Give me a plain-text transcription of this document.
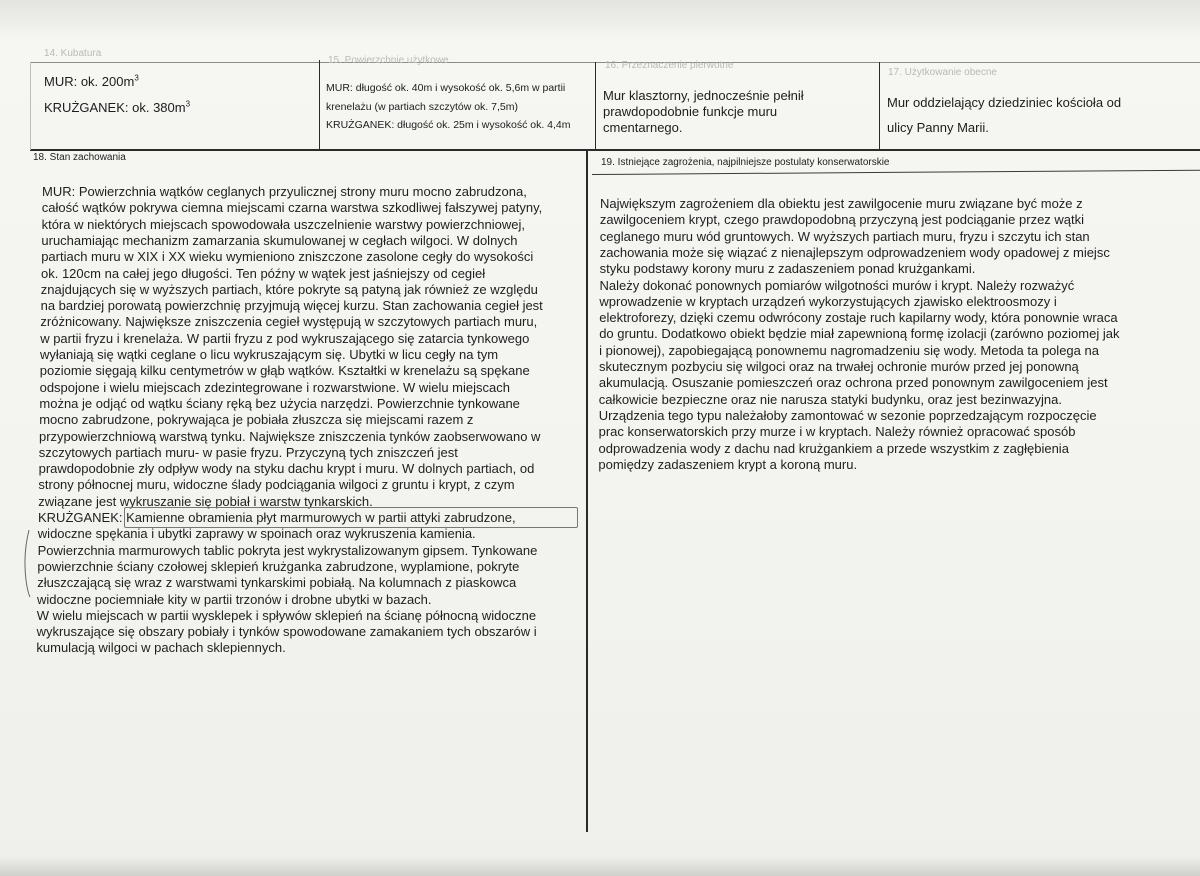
14. Kubatura
15. Powierzchnie użytkowe	16. Przeznaczenie pierwotne
17. Użytkowanie obecne
18. Stan zachowania	19. Istniejące zagrożenia, najpilniejsze postulaty konserwatorskie
MUR: ok. $200m^3$
KRUŻGANEK: ok. $380m^3$
MUR: długość ok. 40m i wysokość ok. 5,6m w partii
krenelażu (w partiach szczytów ok. 7,5m)
KRUŻGANEK: długość ok. 25m i wysokość ok. 4,4m
Mur klasztorny, jednocześnie pełnił
prawdopodobnie funkcje muru
cmentarnego.
Mur oddzielający dziedziniec kościoła od
ulicy Panny Marii.
MUR: Powierzchnia wątków ceglanych przyulicznej strony muru mocno zabrudzona,
całość wątków pokrywa ciemna miejscami czarna warstwa szkodliwej fałszywej patyny,
która w niektórych miejscach spowodowała uszczelnienie warstwy powierzchniowej,
uruchamiając mechanizm zamarzania skumulowanej w cegłach wilgoci. W dolnych
partiach muru w XIX i XX wieku wymieniono zniszczone zasolone cegły do wysokości
ok. 120cm na całej jego długości. Ten późny w wątek jest jaśniejszy od cegieł
znajdujących się w wyższych partiach, które pokryte są patyną jak również ze względu
na bardziej porowatą powierzchnię przyjmują więcej kurzu. Stan zachowania cegieł jest
zróżnicowany. Największe zniszczenia cegieł występują w szczytowych partiach muru,
w partii fryzu i krenelaża. W partii fryzu z pod wykruszającego się zatarcia tynkowego
wyłaniają się wątki ceglane o licu wykruszającym się. Ubytki w licu cegły na tym
poziomie sięgają kilku centymetrów w głąb wątków. Kształtki w krenelażu są spękane
odspojone i wielu miejscach zdezintegrowane i rozwarstwione. W wielu miejscach
można je odjąć od wątku ściany ręką bez użycia narzędzi. Powierzchnie tynkowane
mocno zabrudzone, pokrywająca je pobiała złuszcza się miejscami razem z
przypowierzchniową warstwą tynku. Największe zniszczenia tynków zaobserwowano w
szczytowych partiach muru- w pasie fryzu. Przyczyną tych zniszczeń jest
prawdopodobnie zły odpływ wody na styku dachu krypt i muru. W dolnych partiach, od
strony północnej muru, widoczne ślady podciągania wilgoci z gruntu i krypt, z czym
związane jest wykruszanie się pobiał i warstw tynkarskich.
KRUŻGANEK: Kamienne obramienia płyt marmurowych w partii attyki zabrudzone,
widoczne spękania i ubytki zaprawy w spoinach oraz wykruszenia kamienia.
Powierzchnia marmurowych tablic pokryta jest wykrystalizowanym gipsem. Tynkowane
powierzchnie ściany czołowej sklepień krużganka zabrudzone, wyplamione, pokryte
złuszczającą się wraz z warstwami tynkarskimi pobiałą. Na kolumnach z piaskowca
widoczne pociemniałe kity w partii trzonów i drobne ubytki w bazach.
W wielu miejscach w partii wysklepek i spływów sklepień na ścianę północną widoczne
wykruszające się obszary pobiały i tynków spowodowane zamakaniem tych obszarów i
kumulacją wilgoci w pachach sklepiennych.
Największym zagrożeniem dla obiektu jest zawilgocenie muru związane być może z
zawilgoceniem krypt, czego prawdopodobną przyczyną jest podciąganie przez wątki
ceglanego muru wód gruntowych. W wyższych partiach muru, fryzu i szczytu ich stan
zachowania może się wiązać z nienajlepszym odprowadzeniem wody opadowej z miejsc
styku podstawy korony muru z zadaszeniem ponad krużgankami.
Należy dokonać ponownych pomiarów wilgotności murów i krypt. Należy rozważyć
wprowadzenie w kryptach urządzeń wykorzystujących zjawisko elektroosmozy i
elektroforezy, dzięki czemu odwrócony zostaje ruch kapilarny wody, która ponownie wraca
do gruntu. Dodatkowo obiekt będzie miał zapewnioną formę izolacji (zarówno poziomej jak
i pionowej), zapobiegającą ponownemu nagromadzeniu się wody. Metoda ta polega na
skutecznym pozbyciu się wilgoci oraz na trwałej ochronie murów przed jej ponowną
akumulacją. Osuszanie pomieszczeń oraz ochrona przed ponownym zawilgoceniem jest
całkowicie bezpieczne oraz nie narusza statyki budynku, oraz jest bezinwazyjna.
Urządzenia tego typu należałoby zamontować w sezonie poprzedzającym rozpoczęcie
prac konserwatorskich przy murze i w kryptach. Należy również opracować sposób
odprowadzenia wody z dachu nad krużgankiem a przede wszystkim z zagłębienia
pomiędzy zadaszeniem krypt a koroną muru.
